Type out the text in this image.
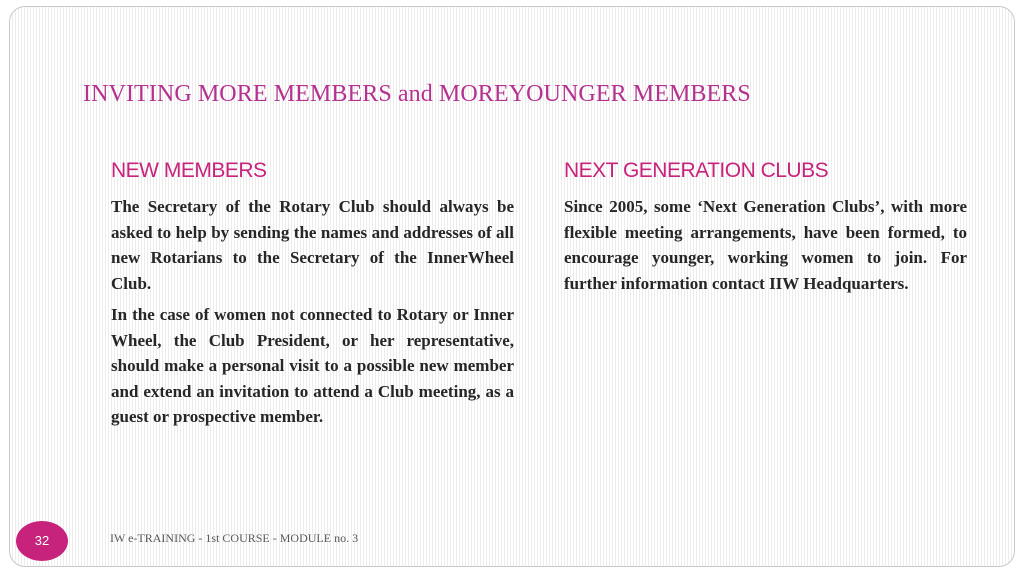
INVITING MORE MEMBERS and MOREYOUNGER MEMBERS
NEW MEMBERS

The Secretary of the Rotary Club should always be asked to help by sending the names and addresses of all new Rotarians to the Secretary of the InnerWheel Club.

In the case of women not connected to Rotary or Inner Wheel, the Club President, or her representative, should make a personal visit to a possible new member and extend an invitation to attend a Club meeting, as a guest or prospective member.

NEXT GENERATION CLUBS

Since 2005, some ‘Next Generation Clubs’, with more flexible meeting arrangements, have been formed, to encourage younger, working women to join. For further information contact IIW Headquarters.

32	IW e-TRAINING - 1st COURSE - MODULE no. 3
